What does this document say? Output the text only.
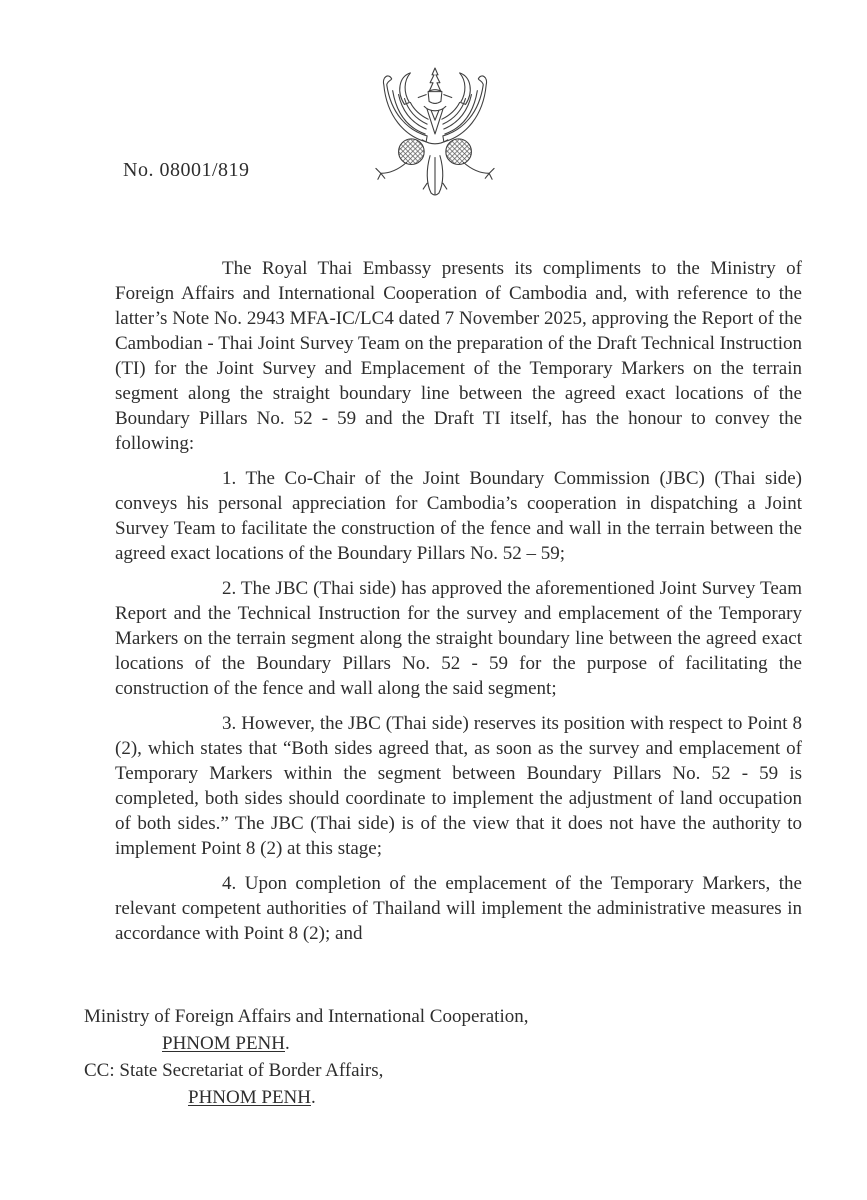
No. 08001/819

The Royal Thai Embassy presents its compliments to the Ministry of Foreign Affairs and International Cooperation of Cambodia and, with reference to the latter’s Note No. 2943 MFA-IC/LC4 dated 7 November 2025, approving the Report of the Cambodian - Thai Joint Survey Team on the preparation of the Draft Technical Instruction (TI) for the Joint Survey and Emplacement of the Temporary Markers on the terrain segment along the straight boundary line between the agreed exact locations of the Boundary Pillars No. 52 - 59 and the Draft TI itself, has the honour to convey the following:

1. The Co-Chair of the Joint Boundary Commission (JBC) (Thai side) conveys his personal appreciation for Cambodia’s cooperation in dispatching a Joint Survey Team to facilitate the construction of the fence and wall in the terrain between the agreed exact locations of the Boundary Pillars No. 52 – 59;

2. The JBC (Thai side) has approved the aforementioned Joint Survey Team Report and the Technical Instruction for the survey and emplacement of the Temporary Markers on the terrain segment along the straight boundary line between the agreed exact locations of the Boundary Pillars No. 52 - 59 for the purpose of facilitating the construction of the fence and wall along the said segment;

3. However, the JBC (Thai side) reserves its position with respect to Point 8 (2), which states that “Both sides agreed that, as soon as the survey and emplacement of Temporary Markers within the segment between Boundary Pillars No. 52 - 59 is completed, both sides should coordinate to implement the adjustment of land occupation of both sides.” The JBC (Thai side) is of the view that it does not have the authority to implement Point 8 (2) at this stage;

4. Upon completion of the emplacement of the Temporary Markers, the relevant competent authorities of Thailand will implement the administrative measures in accordance with Point 8 (2); and

Ministry of Foreign Affairs and International Cooperation,
PHNOM PENH.
CC: State Secretariat of Border Affairs,
PHNOM PENH.
